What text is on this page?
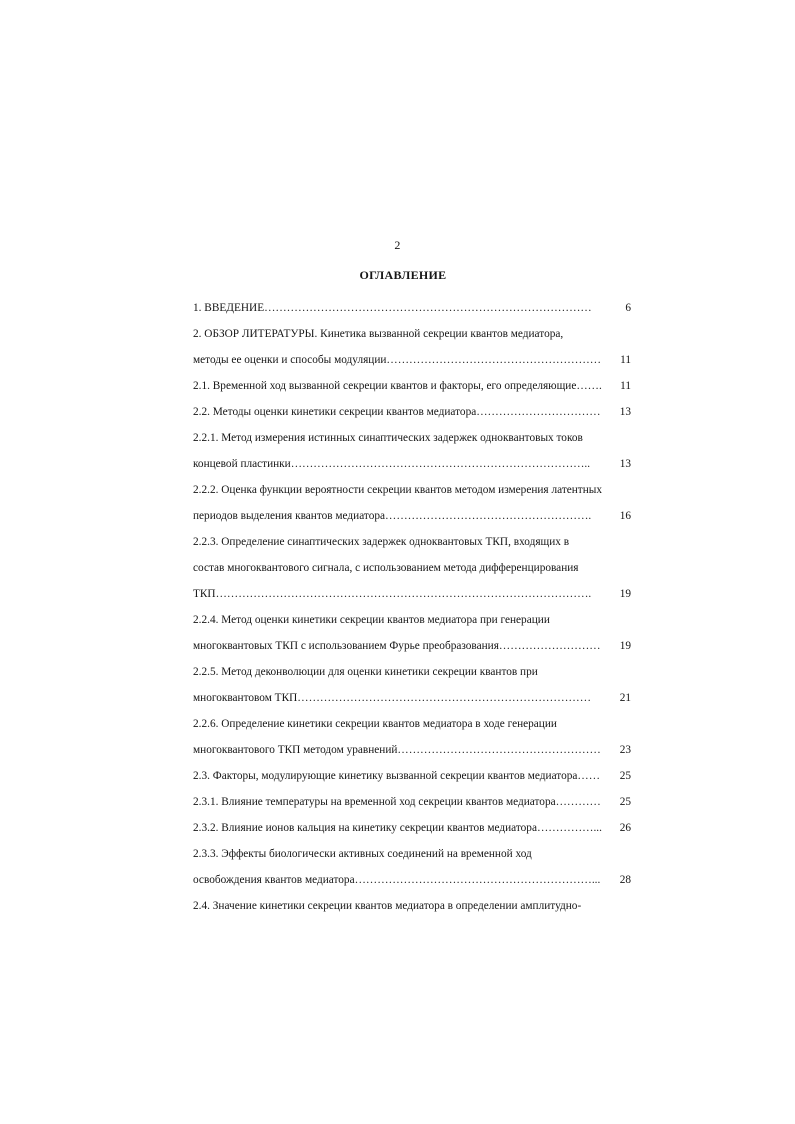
2
ОГЛАВЛЕНИЕ
1. ВВЕДЕНИЕ……………………………………………………………………………	6
2. ОБЗОР ЛИТЕРАТУРЫ. Кинетика вызванной секреции квантов медиатора,
методы ее оценки и способы модуляции…………………………………………………	11
2.1. Временной ход вызванной секреции квантов и факторы, его определяющие…….	11
2.2. Методы оценки кинетики секреции квантов медиатора……………………………	13
2.2.1. Метод измерения истинных синаптических задержек одноквантовых токов
концевой пластинки……………………………………………………………………..	13
2.2.2. Оценка функции вероятности секреции квантов методом измерения латентных
периодов выделения квантов медиатора……………………………………………….	16
2.2.3. Определение синаптических задержек одноквантовых ТКП, входящих в
состав многоквантового сигнала, с использованием метода дифференцирования
ТКП……………………………………………………………………………………….	19
2.2.4. Метод оценки кинетики секреции квантов медиатора при генерации
многоквантовых ТКП с использованием Фурье преобразования………………………	19
2.2.5. Метод деконволюции для оценки кинетики секреции квантов при
многоквантовом ТКП……………………………………………………………………	21
2.2.6. Определение кинетики секреции квантов медиатора в ходе генерации
многоквантового ТКП методом уравнений………………………………………………	23
2.3. Факторы, модулирующие кинетику вызванной секреции квантов медиатора……	25
2.3.1. Влияние температуры на временной ход секреции квантов медиатора…………	25
2.3.2. Влияние ионов кальция на кинетику секреции квантов медиатора……………...	26
2.3.3. Эффекты биологически активных соединений на временной ход
освобождения квантов медиатора………………………………………………………...	28
2.4. Значение кинетики секреции квантов медиатора в определении амплитудно-
